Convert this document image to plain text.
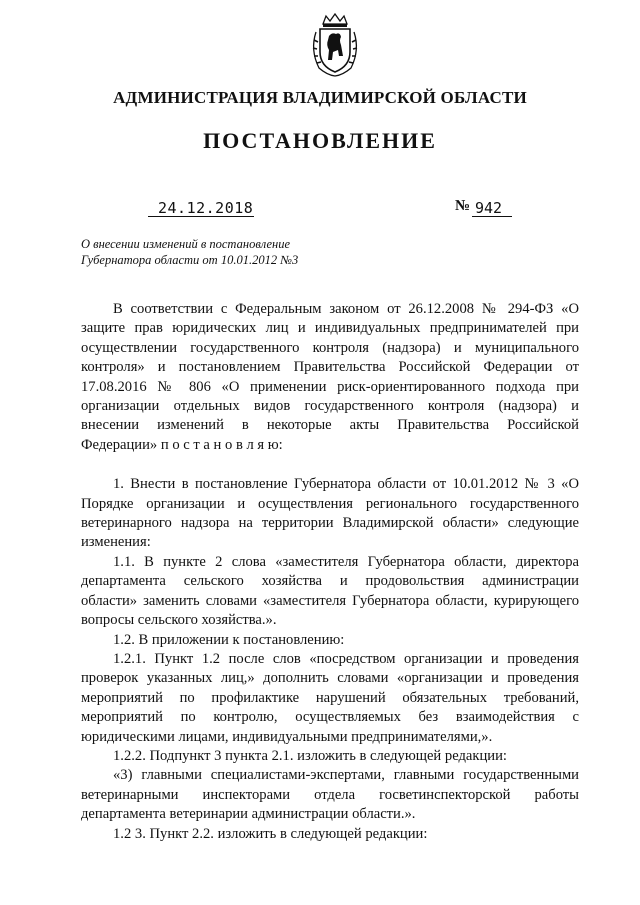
АДМИНИСТРАЦИЯ ВЛАДИМИРСКОЙ ОБЛАСТИ
ПОСТАНОВЛЕНИЕ
24.12.2018	№ 942
О внесении изменений в постановление
Губернатора области от 10.01.2012 №3

В соответствии с Федеральным законом от 26.12.2008 № 294-ФЗ «О
защите прав юридических лиц и индивидуальных предпринимателей при
осуществлении государственного контроля (надзора) и муниципального
контроля» и постановлением Правительства Российской Федерации от
17.08.2016 № 806 «О применении риск-ориентированного подхода при
организации отдельных видов государственного контроля (надзора) и
внесении изменений в некоторые акты Правительства Российской
Федерации» п о с т а н о в л я ю:

1. Внести в постановление Губернатора области от 10.01.2012 № 3 «О
Порядке организации и осуществления регионального государственного
ветеринарного надзора на территории Владимирской области» следующие
изменения:

1.1. В пункте 2 слова «заместителя Губернатора области, директора
департамента сельского хозяйства и продовольствия администрации
области» заменить словами «заместителя Губернатора области, курирующего
вопросы сельского хозяйства.».

1.2. В приложении к постановлению:

1.2.1. Пункт 1.2 после слов «посредством организации и проведения
проверок указанных лиц,» дополнить словами «организации и проведения
мероприятий по профилактике нарушений обязательных требований,
мероприятий по контролю, осуществляемых без взаимодействия с
юридическими лицами, индивидуальными предпринимателями,».

1.2.2. Подпункт 3 пункта 2.1. изложить в следующей редакции:

«3) главными специалистами-экспертами, главными государственными
ветеринарными инспекторами отдела госветинспекторской работы
департамента ветеринарии администрации области.».

1.2 3. Пункт 2.2. изложить в следующей редакции:
